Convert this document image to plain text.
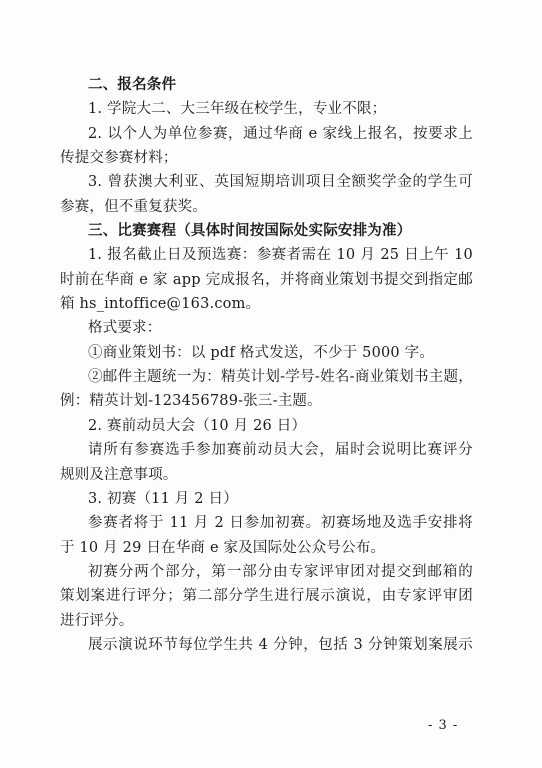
二、报名条件
1. 学院大二、大三年级在校学生，专业不限；
2. 以个人为单位参赛，通过华商 e 家线上报名，按要求上
传提交参赛材料；
3. 曾获澳大利亚、英国短期培训项目全额奖学金的学生可
参赛，但不重复获奖。
三、比赛赛程（具体时间按国际处实际安排为准）
1. 报名截止日及预选赛：参赛者需在 10 月 25 日上午 10
时前在华商 e 家 app 完成报名，并将商业策划书提交到指定邮
箱 hs_intoffice@163.com。
格式要求：
①商业策划书：以 pdf 格式发送，不少于 5000 字。
②邮件主题统一为：精英计划-学号-姓名-商业策划书主题，
例：精英计划-123456789-张三-主题。
2. 赛前动员大会（10 月 26 日）
请所有参赛选手参加赛前动员大会，届时会说明比赛评分
规则及注意事项。
3. 初赛（11 月 2 日）
参赛者将于 11 月 2 日参加初赛。初赛场地及选手安排将
于 10 月 29 日在华商 e 家及国际处公众号公布。
初赛分两个部分，第一部分由专家评审团对提交到邮箱的
策划案进行评分；第二部分学生进行展示演说，由专家评审团
进行评分。
展示演说环节每位学生共 4 分钟，包括 3 分钟策划案展示
- 3 -
